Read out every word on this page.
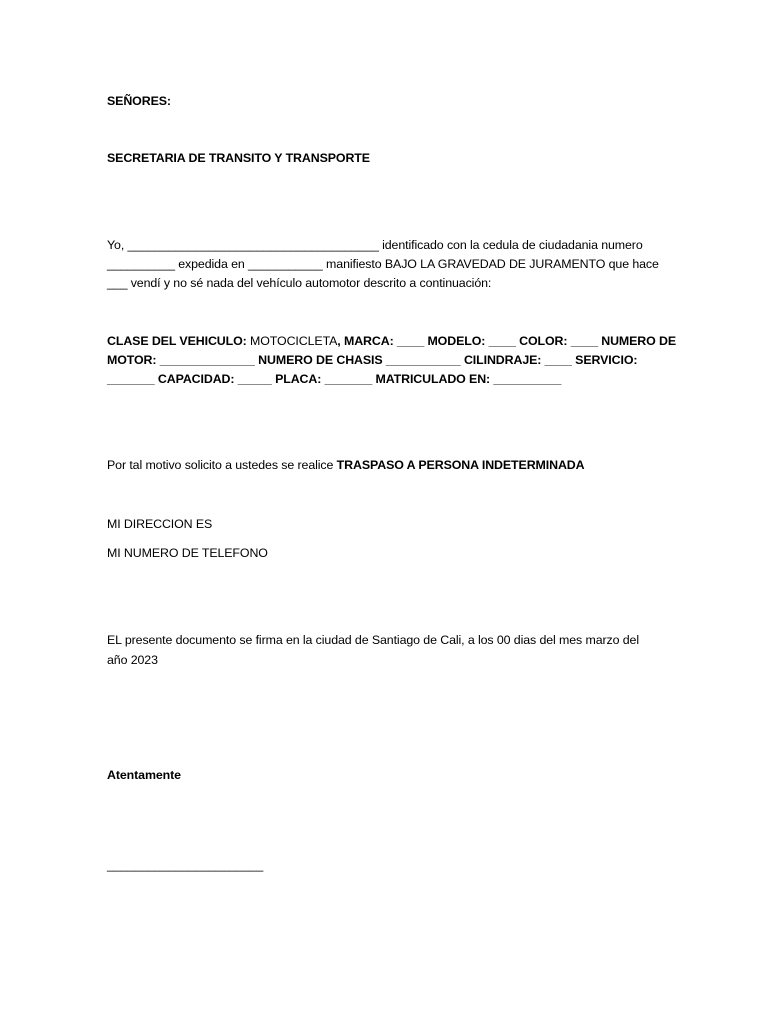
SEÑORES:
SECRETARIA DE TRANSITO Y TRANSPORTE
Yo, _____________________________________ identificado con la cedula de ciudadania numero
__________ expedida en ___________ manifiesto BAJO LA GRAVEDAD DE JURAMENTO que hace
___ vendí y no sé nada del vehículo automotor descrito a continuación:
CLASE DEL VEHICULO: MOTOCICLETA, MARCA: ____ MODELO: ____ COLOR: ____ NUMERO DE
MOTOR: ______________ NUMERO DE CHASIS ___________ CILINDRAJE: ____ SERVICIO:
_______ CAPACIDAD: _____ PLACA: _______ MATRICULADO EN: __________
Por tal motivo solicito a ustedes se realice TRASPASO A PERSONA INDETERMINADA
MI DIRECCION ES
MI NUMERO DE TELEFONO
EL presente documento se firma en la ciudad de Santiago de Cali, a los 00 dias del mes marzo del
año 2023
Atentamente
_______________________
